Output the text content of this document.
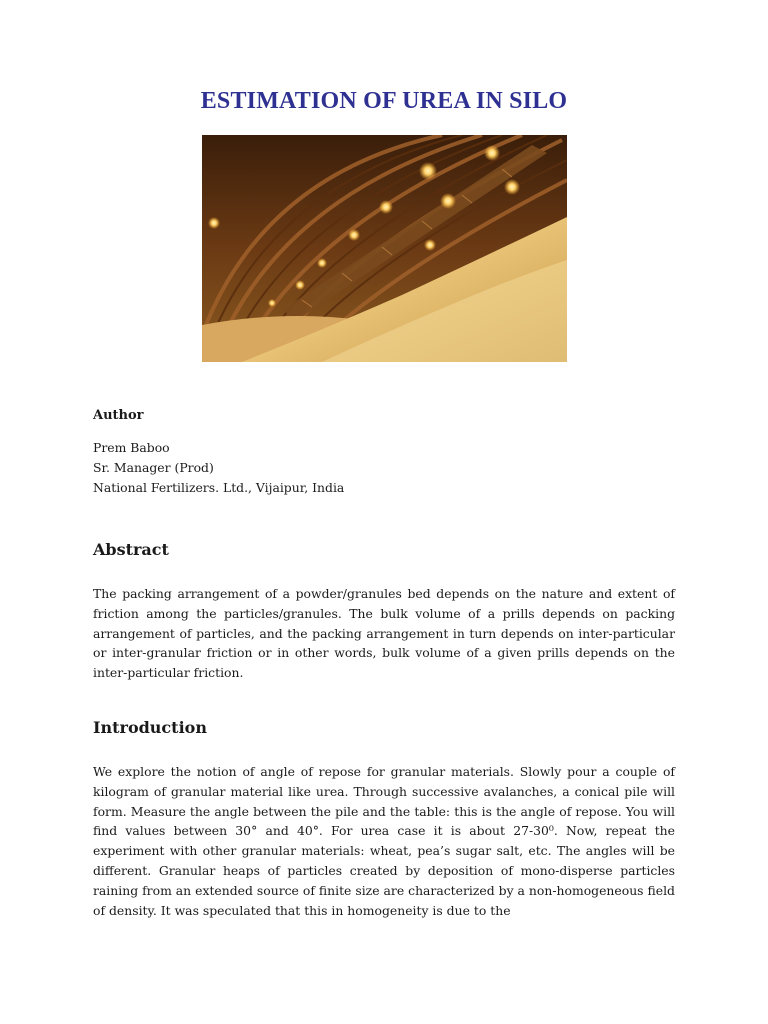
ESTIMATION OF UREA IN SILO
Author
Prem Baboo
Sr. Manager (Prod)
National Fertilizers. Ltd., Vijaipur, India
Abstract

The packing arrangement of a powder/granules bed depends on the nature and extent of friction among the particles/granules. The bulk volume of a prills depends on packing arrangement of particles, and the packing arrangement in turn depends on inter-particular or inter-granular friction or in other words, bulk volume of a given prills depends on the inter-particular friction.

Introduction

We explore the notion of angle of repose for granular materials. Slowly pour a couple of kilogram of granular material like urea. Through successive avalanches, a conical pile will form. Measure the angle between the pile and the table: this is the angle of repose. You will find values between 30° and 40°. For urea case it is about 27-30⁰. Now, repeat the experiment with other granular materials: wheat, pea’s sugar salt, etc. The angles will be different. Granular heaps of particles created by deposition of mono-disperse particles raining from an extended source of finite size are characterized by a non-homogeneous field of density. It was speculated that this in homogeneity is due to the
